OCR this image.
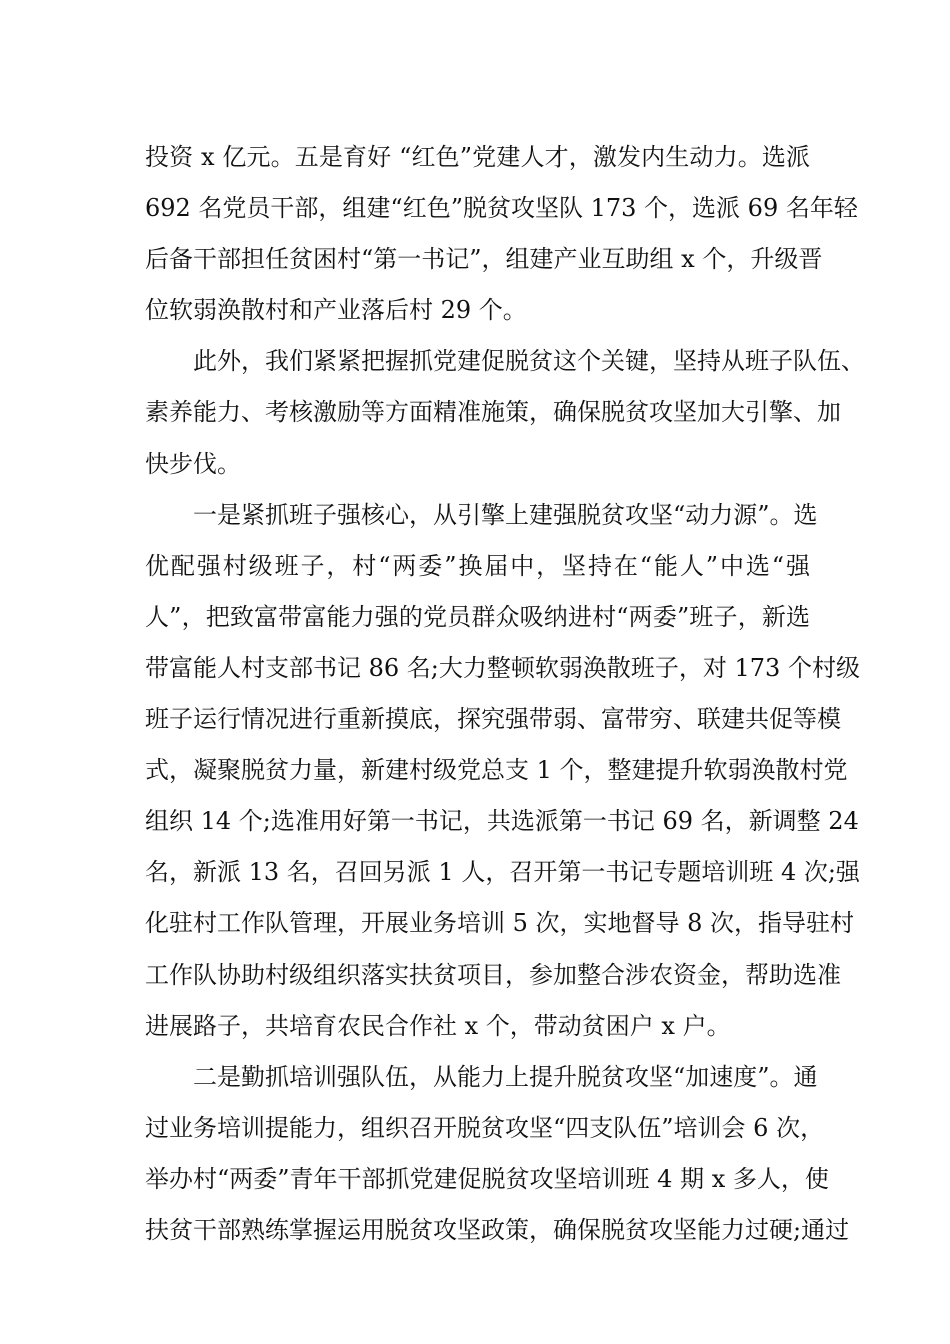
投资 x 亿元。五是育好 “红色”党建人才，激发内生动力。选派
692 名党员干部，组建“红色”脱贫攻坚队 173 个，选派 69 名年轻
后备干部担任贫困村“第一书记”，组建产业互助组 x 个，升级晋
位软弱涣散村和产业落后村 29 个。
此外，我们紧紧把握抓党建促脱贫这个关键，坚持从班子队伍、
素养能力、考核激励等方面精准施策，确保脱贫攻坚加大引擎、加
快步伐。
一是紧抓班子强核心，从引擎上建强脱贫攻坚“动力源”。选
优配强村级班子，村“两委”换届中，坚持在“能人”中选“强
人”，把致富带富能力强的党员群众吸纳进村“两委”班子，新选
带富能人村支部书记 86 名;大力整顿软弱涣散班子，对 173 个村级
班子运行情况进行重新摸底，探究强带弱、富带穷、联建共促等模
式，凝聚脱贫力量，新建村级党总支 1 个，整建提升软弱涣散村党
组织 14 个;选准用好第一书记，共选派第一书记 69 名，新调整 24
名，新派 13 名，召回另派 1 人，召开第一书记专题培训班 4 次;强
化驻村工作队管理，开展业务培训 5 次，实地督导 8 次，指导驻村
工作队协助村级组织落实扶贫项目，参加整合涉农资金，帮助选准
进展路子，共培育农民合作社 x 个，带动贫困户 x 户。
二是勤抓培训强队伍，从能力上提升脱贫攻坚“加速度”。通
过业务培训提能力，组织召开脱贫攻坚“四支队伍”培训会 6 次，
举办村“两委”青年干部抓党建促脱贫攻坚培训班 4 期 x 多人，使
扶贫干部熟练掌握运用脱贫攻坚政策，确保脱贫攻坚能力过硬;通过
